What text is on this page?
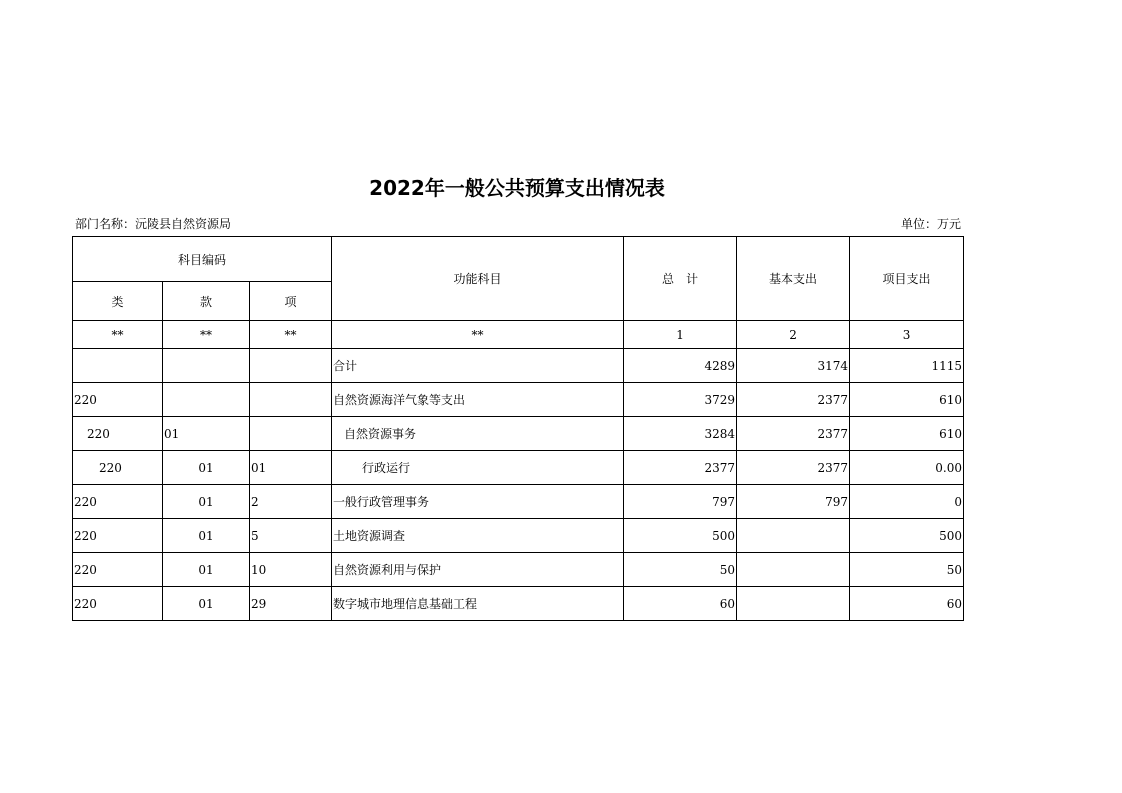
2022年一般公共预算支出情况表
部门名称：沅陵县自然资源局	单位：万元
科目编码			功能科目	总　计	基本支出	项目支出
类	款	项				
**	**	**	**	1	2	3
			合计	4289	3174	1115
220			自然资源海洋气象等支出	3729	2377	610
220	01		自然资源事务	3284	2377	610
220	01	01	行政运行	2377	2377	0.00
220	01	2	一般行政管理事务	797	797	0
220	01	5	土地资源调查	500		500
220	01	10	自然资源利用与保护	50		50
220	01	29	数字城市地理信息基础工程	60		60
